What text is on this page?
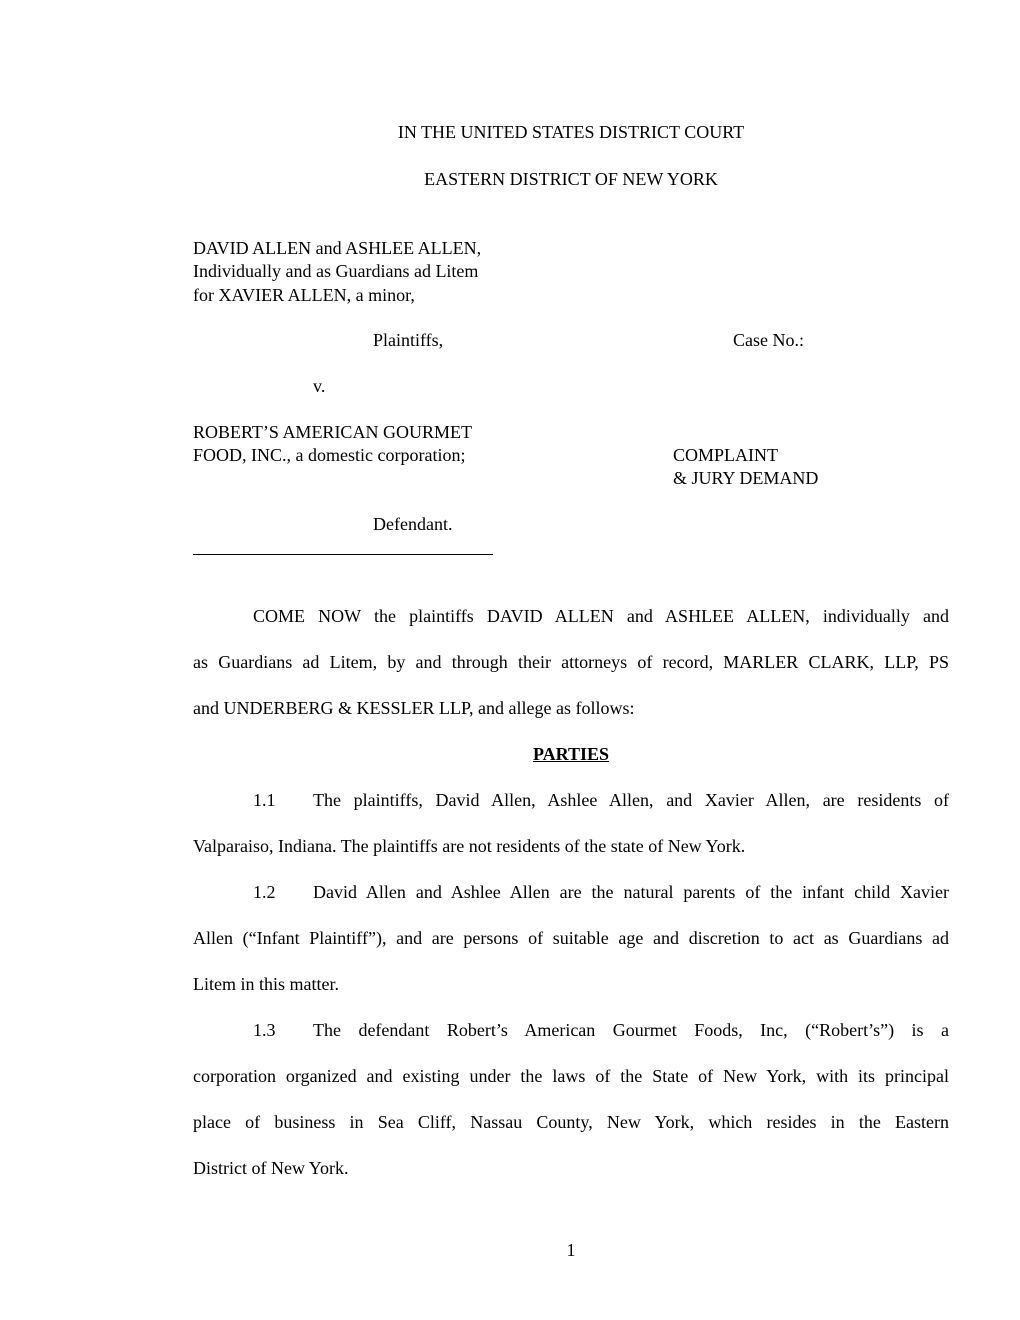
IN THE UNITED STATES DISTRICT COURT
EASTERN DISTRICT OF NEW YORK
DAVID ALLEN and ASHLEE ALLEN,
Individually and as Guardians ad Litem
for XAVIER ALLEN, a minor,
Plaintiffs,	Case No.:
v.
ROBERT’S AMERICAN GOURMET
FOOD, INC., a domestic corporation;	COMPLAINT
& JURY DEMAND
Defendant.
COME NOW the plaintiffs DAVID ALLEN and ASHLEE ALLEN, individually and
as Guardians ad Litem, by and through their attorneys of record, MARLER CLARK, LLP, PS
and UNDERBERG & KESSLER LLP, and allege as follows:
PARTIES
1.1 The plaintiffs, David Allen, Ashlee Allen, and Xavier Allen, are residents of
Valparaiso, Indiana. The plaintiffs are not residents of the state of New York.
1.2 David Allen and Ashlee Allen are the natural parents of the infant child Xavier
Allen (“Infant Plaintiff”), and are persons of suitable age and discretion to act as Guardians ad
Litem in this matter.
1.3 The defendant Robert’s American Gourmet Foods, Inc, (“Robert’s”) is a
corporation organized and existing under the laws of the State of New York, with its principal
place of business in Sea Cliff, Nassau County, New York, which resides in the Eastern
District of New York.
1
